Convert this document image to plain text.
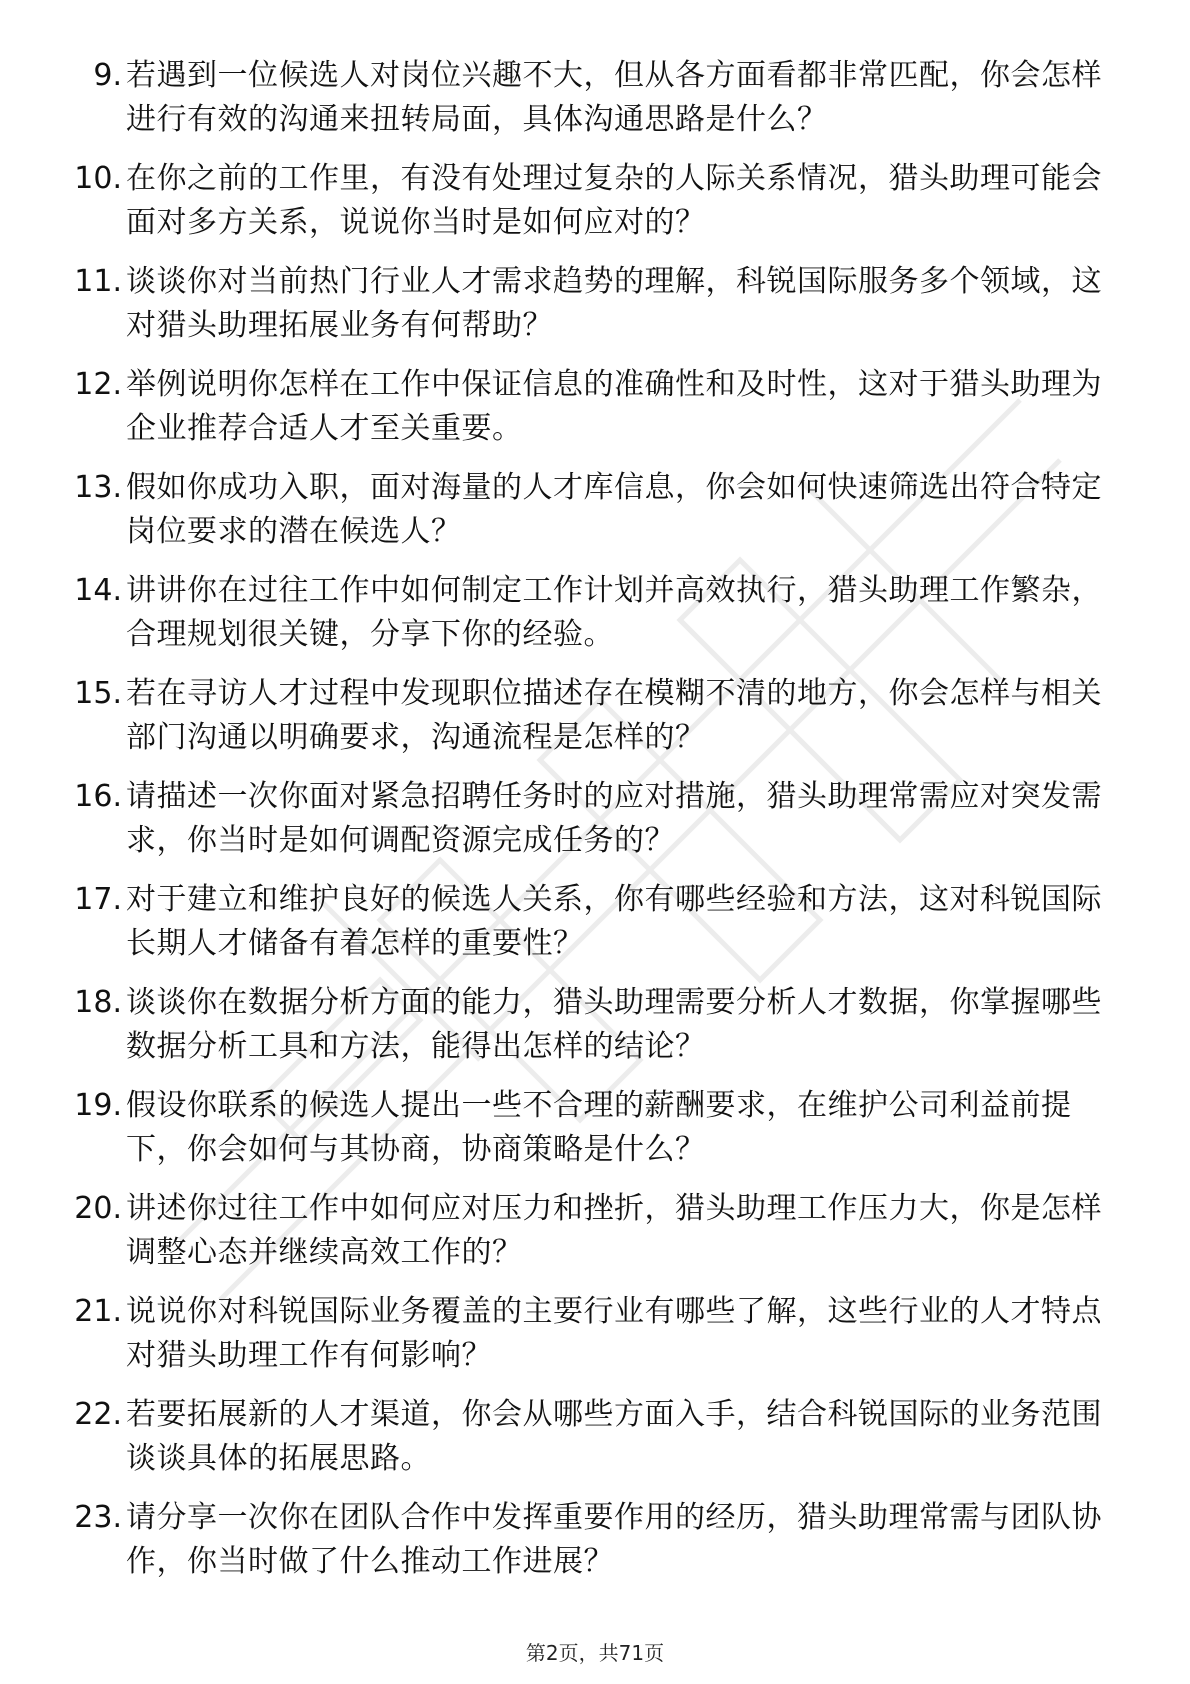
9. 若遇到一位候选人对岗位兴趣不大，但从各方面看都非常匹配，你会怎样进行有效的沟通来扭转局面，具体沟通思路是什么？
10. 在你之前的工作里，有没有处理过复杂的人际关系情况，猎头助理可能会面对多方关系，说说你当时是如何应对的？
11. 谈谈你对当前热门行业人才需求趋势的理解，科锐国际服务多个领域，这对猎头助理拓展业务有何帮助？
12. 举例说明你怎样在工作中保证信息的准确性和及时性，这对于猎头助理为企业推荐合适人才至关重要。
13. 假如你成功入职，面对海量的人才库信息，你会如何快速筛选出符合特定岗位要求的潜在候选人？
14. 讲讲你在过往工作中如何制定工作计划并高效执行，猎头助理工作繁杂，合理规划很关键，分享下你的经验。
15. 若在寻访人才过程中发现职位描述存在模糊不清的地方，你会怎样与相关部门沟通以明确要求，沟通流程是怎样的？
16. 请描述一次你面对紧急招聘任务时的应对措施，猎头助理常需应对突发需求，你当时是如何调配资源完成任务的？
17. 对于建立和维护良好的候选人关系，你有哪些经验和方法，这对科锐国际长期人才储备有着怎样的重要性？
18. 谈谈你在数据分析方面的能力，猎头助理需要分析人才数据，你掌握哪些数据分析工具和方法，能得出怎样的结论？
19. 假设你联系的候选人提出一些不合理的薪酬要求，在维护公司利益前提下，你会如何与其协商，协商策略是什么？
20. 讲述你过往工作中如何应对压力和挫折，猎头助理工作压力大，你是怎样调整心态并继续高效工作的？
21. 说说你对科锐国际业务覆盖的主要行业有哪些了解，这些行业的人才特点对猎头助理工作有何影响？
22. 若要拓展新的人才渠道，你会从哪些方面入手，结合科锐国际的业务范围谈谈具体的拓展思路。
23. 请分享一次你在团队合作中发挥重要作用的经历，猎头助理常需与团队协作，你当时做了什么推动工作进展？
第2页，共71页
